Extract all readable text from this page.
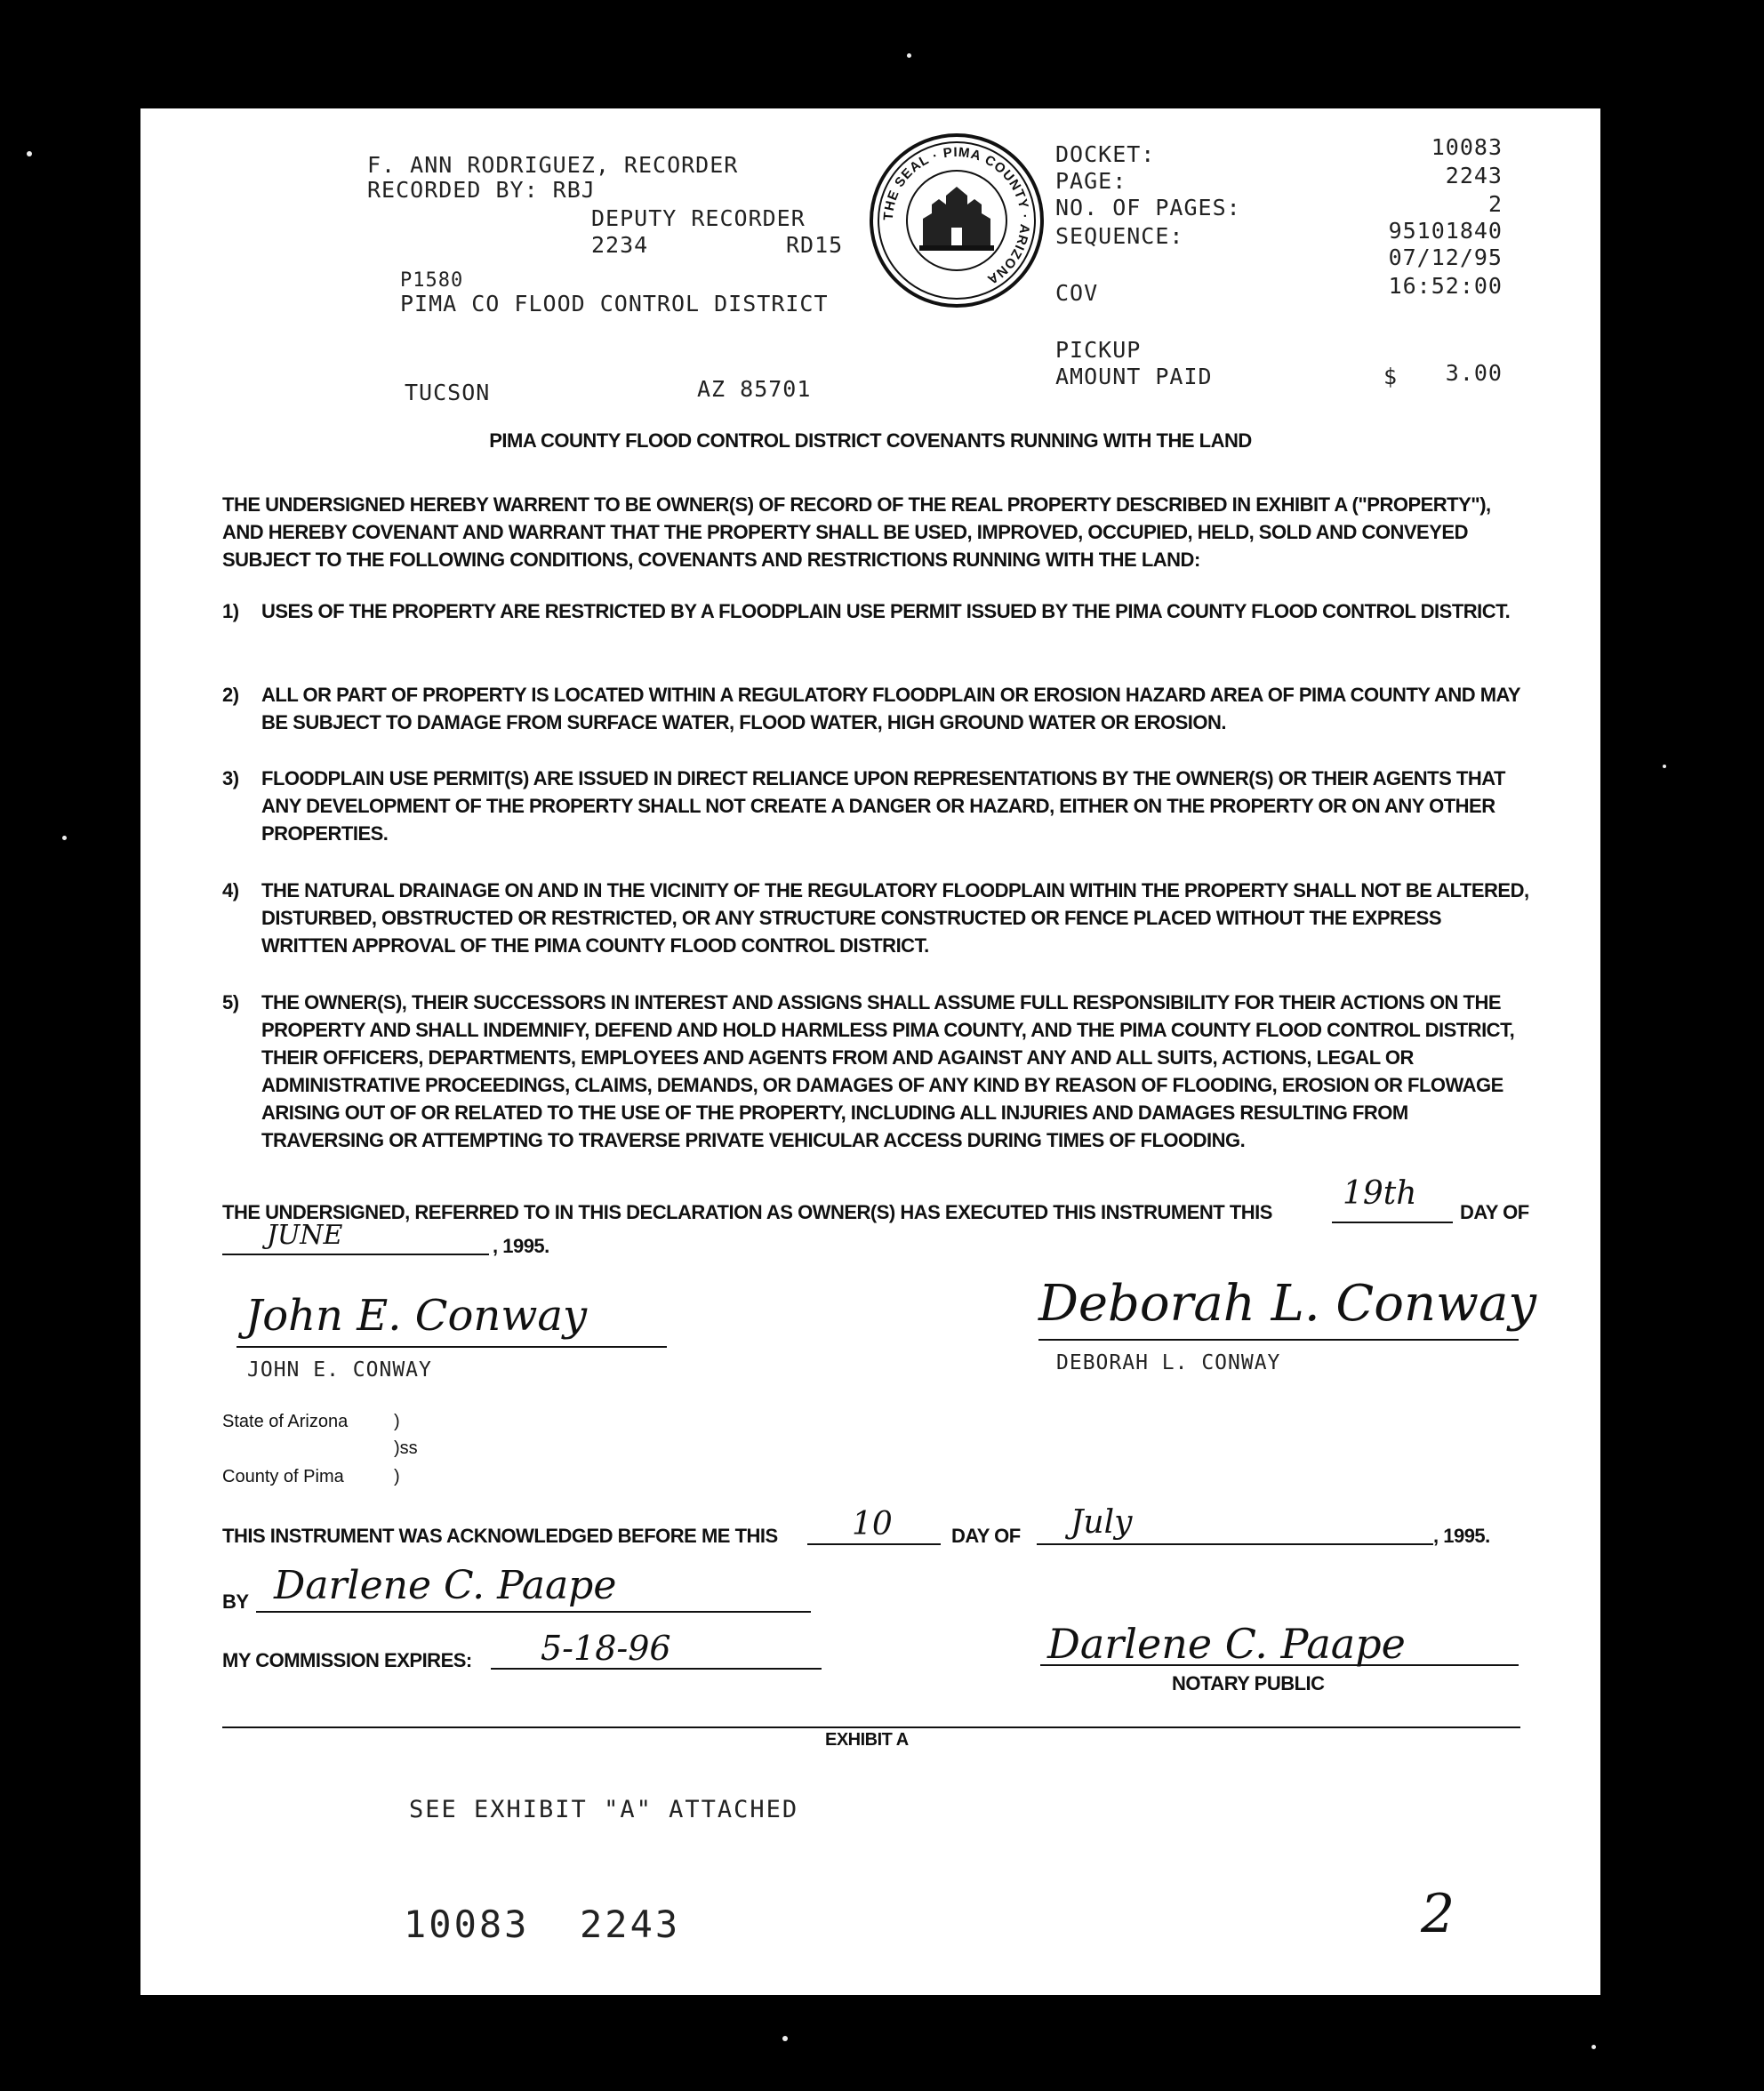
F. ANN RODRIGUEZ, RECORDER
RECORDED BY: RBJ
DEPUTY RECORDER
2234	RD15
P1580
PIMA CO FLOOD CONTROL DISTRICT
TUCSON	AZ 85701
THE SEAL · PIMA COUNTY · ARIZONA
DOCKET:	10083
PAGE:	2243
NO. OF PAGES:	2
SEQUENCE:	95101840
07/12/95
COV	16:52:00
PICKUP
AMOUNT PAID	$	3.00
PIMA COUNTY FLOOD CONTROL DISTRICT COVENANTS RUNNING WITH THE LAND
THE UNDERSIGNED HEREBY WARRENT TO BE OWNER(S) OF RECORD OF THE REAL PROPERTY DESCRIBED IN EXHIBIT A ("PROPERTY"), AND HEREBY COVENANT AND WARRANT THAT THE PROPERTY SHALL BE USED, IMPROVED, OCCUPIED, HELD, SOLD AND CONVEYED SUBJECT TO THE FOLLOWING CONDITIONS, COVENANTS AND RESTRICTIONS RUNNING WITH THE LAND:
1)	USES OF THE PROPERTY ARE RESTRICTED BY A FLOODPLAIN USE PERMIT ISSUED BY THE PIMA COUNTY FLOOD CONTROL DISTRICT.
2)	ALL OR PART OF PROPERTY IS LOCATED WITHIN A REGULATORY FLOODPLAIN OR EROSION HAZARD AREA OF PIMA COUNTY AND MAY BE SUBJECT TO DAMAGE FROM SURFACE WATER, FLOOD WATER, HIGH GROUND WATER OR EROSION.
3)	FLOODPLAIN USE PERMIT(S) ARE ISSUED IN DIRECT RELIANCE UPON REPRESENTATIONS BY THE OWNER(S) OR THEIR AGENTS THAT ANY DEVELOPMENT OF THE PROPERTY SHALL NOT CREATE A DANGER OR HAZARD, EITHER ON THE PROPERTY OR ON ANY OTHER PROPERTIES.
4)	THE NATURAL DRAINAGE ON AND IN THE VICINITY OF THE REGULATORY FLOODPLAIN WITHIN THE PROPERTY SHALL NOT BE ALTERED, DISTURBED, OBSTRUCTED OR RESTRICTED, OR ANY STRUCTURE CONSTRUCTED OR FENCE PLACED WITHOUT THE EXPRESS WRITTEN APPROVAL OF THE PIMA COUNTY FLOOD CONTROL DISTRICT.
5)	THE OWNER(S), THEIR SUCCESSORS IN INTEREST AND ASSIGNS SHALL ASSUME FULL RESPONSIBILITY FOR THEIR ACTIONS ON THE PROPERTY AND SHALL INDEMNIFY, DEFEND AND HOLD HARMLESS PIMA COUNTY, AND THE PIMA COUNTY FLOOD CONTROL DISTRICT, THEIR OFFICERS, DEPARTMENTS, EMPLOYEES AND AGENTS FROM AND AGAINST ANY AND ALL SUITS, ACTIONS, LEGAL OR ADMINISTRATIVE PROCEEDINGS, CLAIMS, DEMANDS, OR DAMAGES OF ANY KIND BY REASON OF FLOODING, EROSION OR FLOWAGE ARISING OUT OF OR RELATED TO THE USE OF THE PROPERTY, INCLUDING ALL INJURIES AND DAMAGES RESULTING FROM TRAVERSING OR ATTEMPTING TO TRAVERSE PRIVATE VEHICULAR ACCESS DURING TIMES OF FLOODING.
THE UNDERSIGNED, REFERRED TO IN THIS DECLARATION AS OWNER(S) HAS EXECUTED THIS INSTRUMENT THIS
19th
DAY OF
JUNE	, 1995.
John E. Conway
JOHN E. CONWAY
Deborah L. Conway
DEBORAH L. CONWAY
State of Arizona	)
)ss
County of Pima	)
THIS INSTRUMENT WAS ACKNOWLEDGED BEFORE ME THIS 10	DAY OF July	, 1995.
BY Darlene C. Paape
MY COMMISSION EXPIRES: 5-18-96	Darlene C. Paape
NOTARY PUBLIC
EXHIBIT A
SEE EXHIBIT "A" ATTACHED
10083  2243	2
